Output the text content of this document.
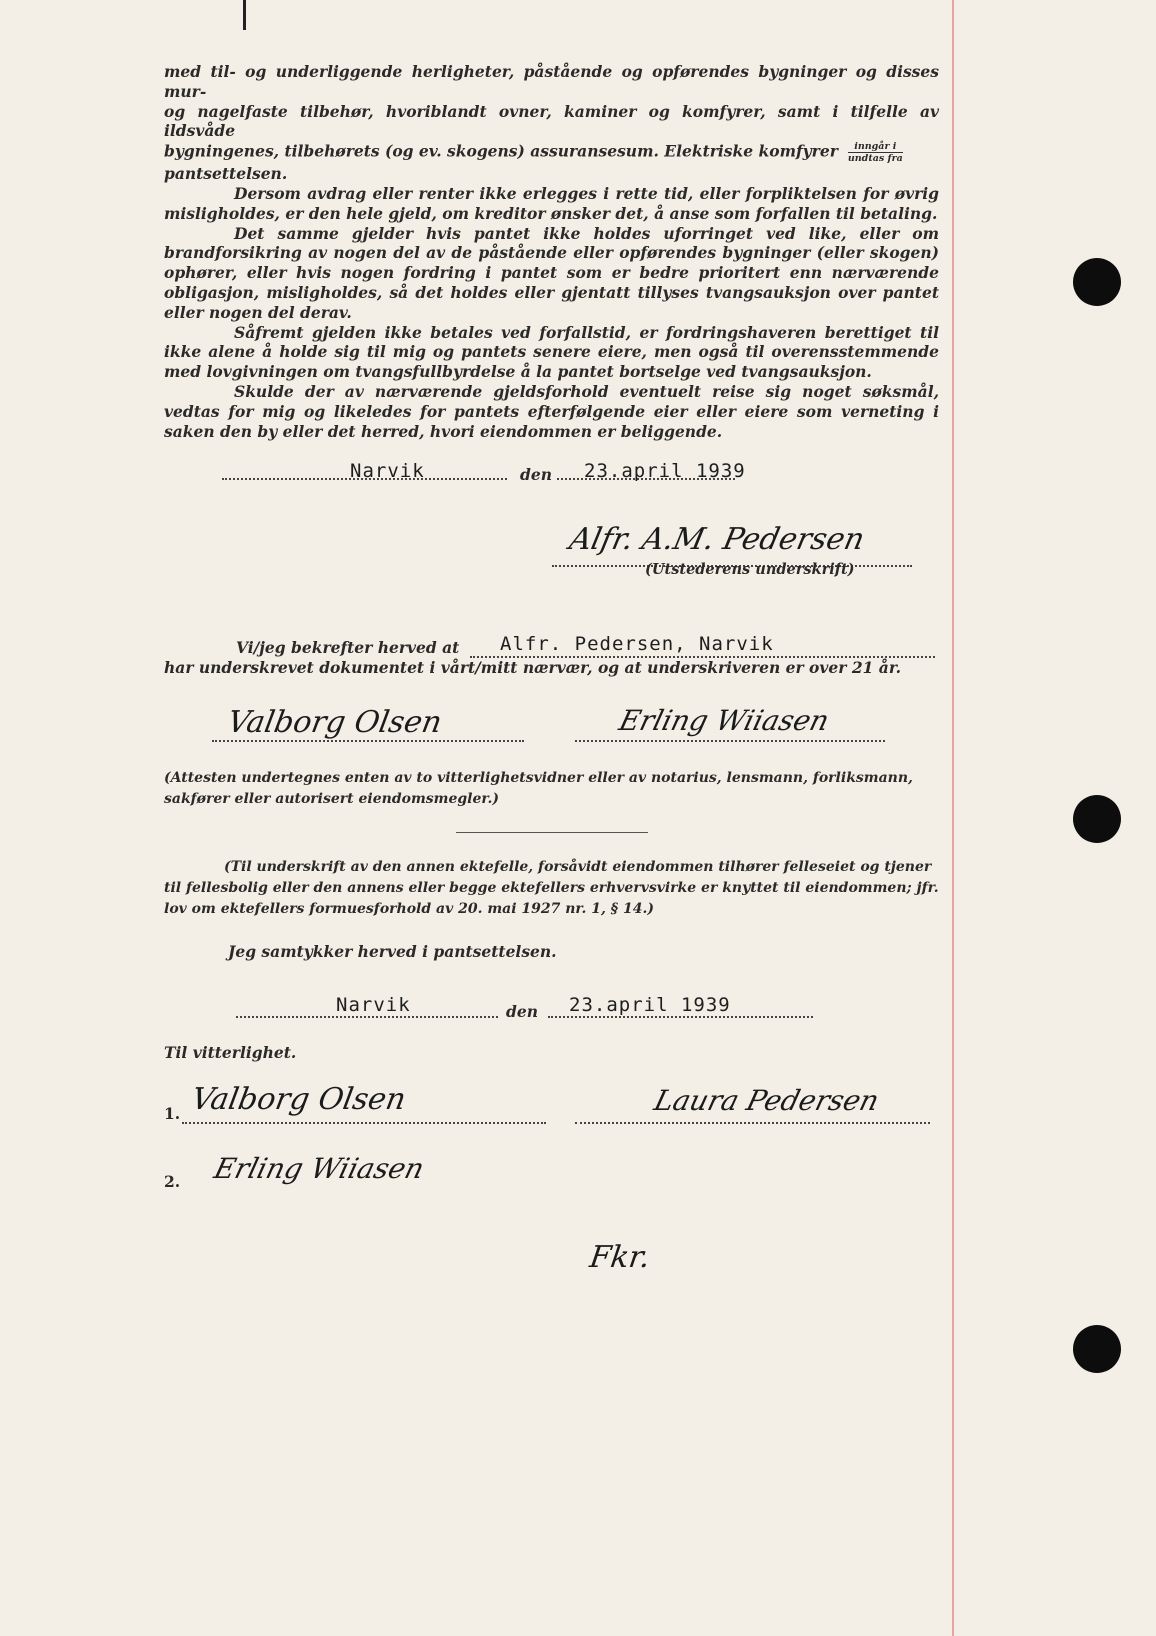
med til- og underliggende herligheter, påstående og opførendes bygninger og disses mur-

og nagelfaste tilbehør, hvoriblandt ovner, kaminer og komfyrer, samt i tilfelle av ildsvåde

bygningenes, tilbehørets (og ev. skogens) assuransesum. Elektriske komfyrer	inngår i
undtas fra

pantsettelsen.

Dersom avdrag eller renter ikke erlegges i rette tid, eller forpliktelsen for øvrig misligholdes, er den hele gjeld, om kreditor ønsker det, å anse som forfallen til betaling.

Det samme gjelder hvis pantet ikke holdes uforringet ved like, eller om brandforsikring av nogen del av de påstående eller opførendes bygninger (eller skogen) ophører, eller hvis nogen fordring i pantet som er bedre prioritert enn nærværende obligasjon, misligholdes, så det holdes eller gjentatt tillyses tvangsauksjon over pantet eller nogen del derav.

Såfremt gjelden ikke betales ved forfallstid, er fordringshaveren berettiget til ikke alene å holde sig til mig og pantets senere eiere, men også til overensstemmende med lovgivningen om tvangsfullbyrdelse å la pantet bortselge ved tvangsauksjon.

Skulde der av nærværende gjeldsforhold eventuelt reise sig noget søksmål, vedtas for mig og likeledes for pantets efterfølgende eier eller eiere som verneting i saken den by eller det herred, hvori eiendommen er beliggende.

Narvik	den 23.april 1939
Alfr. A.M. Pedersen
(Utstederens underskrift)
Vi/jeg bekrefter herved at Alfr. Pedersen, Narvik
har underskrevet dokumentet i vårt/mitt nærvær, og at underskriveren er over 21 år.
Valborg Olsen	Erling Wiiasen
(Attesten undertegnes enten av to vitterlighetsvidner eller av notarius, lensmann, forliksmann, sakfører eller autorisert eiendomsmegler.)
(Til underskrift av den annen ektefelle, forsåvidt eiendommen tilhører felleseiet og tjener til fellesbolig eller den annens eller begge ektefellers erhvervsvirke er knyttet til eiendommen; jfr. lov om ektefellers formuesforhold av 20. mai 1927 nr. 1, § 14.)
Jeg samtykker herved i pantsettelsen.

Narvik	den 23.april 1939
Til vitterlighet.
1. Valborg Olsen	Laura Pedersen
2. Erling Wiiasen
Fkr.
